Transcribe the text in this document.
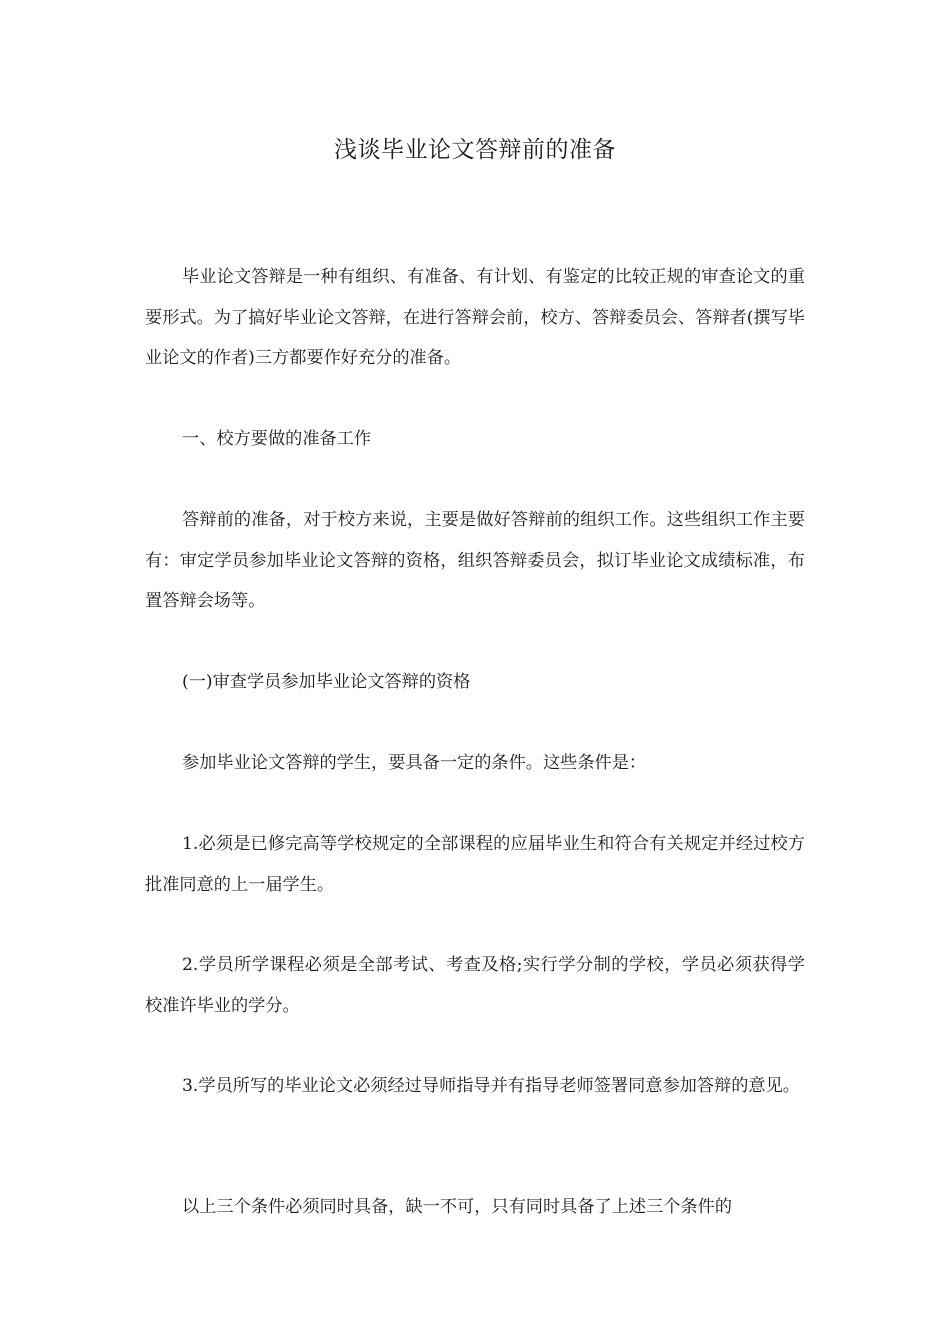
浅谈毕业论文答辩前的准备

毕业论文答辩是一种有组织、有准备、有计划、有鉴定的比较正规的审查论文的重要形式。为了搞好毕业论文答辩，在进行答辩会前，校方、答辩委员会、答辩者(撰写毕业论文的作者)三方都要作好充分的准备。

一、校方要做的准备工作

答辩前的准备，对于校方来说，主要是做好答辩前的组织工作。这些组织工作主要有：审定学员参加毕业论文答辩的资格，组织答辩委员会，拟订毕业论文成绩标准，布置答辩会场等。

(一)审查学员参加毕业论文答辩的资格

参加毕业论文答辩的学生，要具备一定的条件。这些条件是：

1.必须是已修完高等学校规定的全部课程的应届毕业生和符合有关规定并经过校方批准同意的上一届学生。

2.学员所学课程必须是全部考试、考查及格;实行学分制的学校，学员必须获得学校准许毕业的学分。

3.学员所写的毕业论文必须经过导师指导并有指导老师签署同意参加答辩的意见。

以上三个条件必须同时具备，缺一不可，只有同时具备了上述三个条件的
